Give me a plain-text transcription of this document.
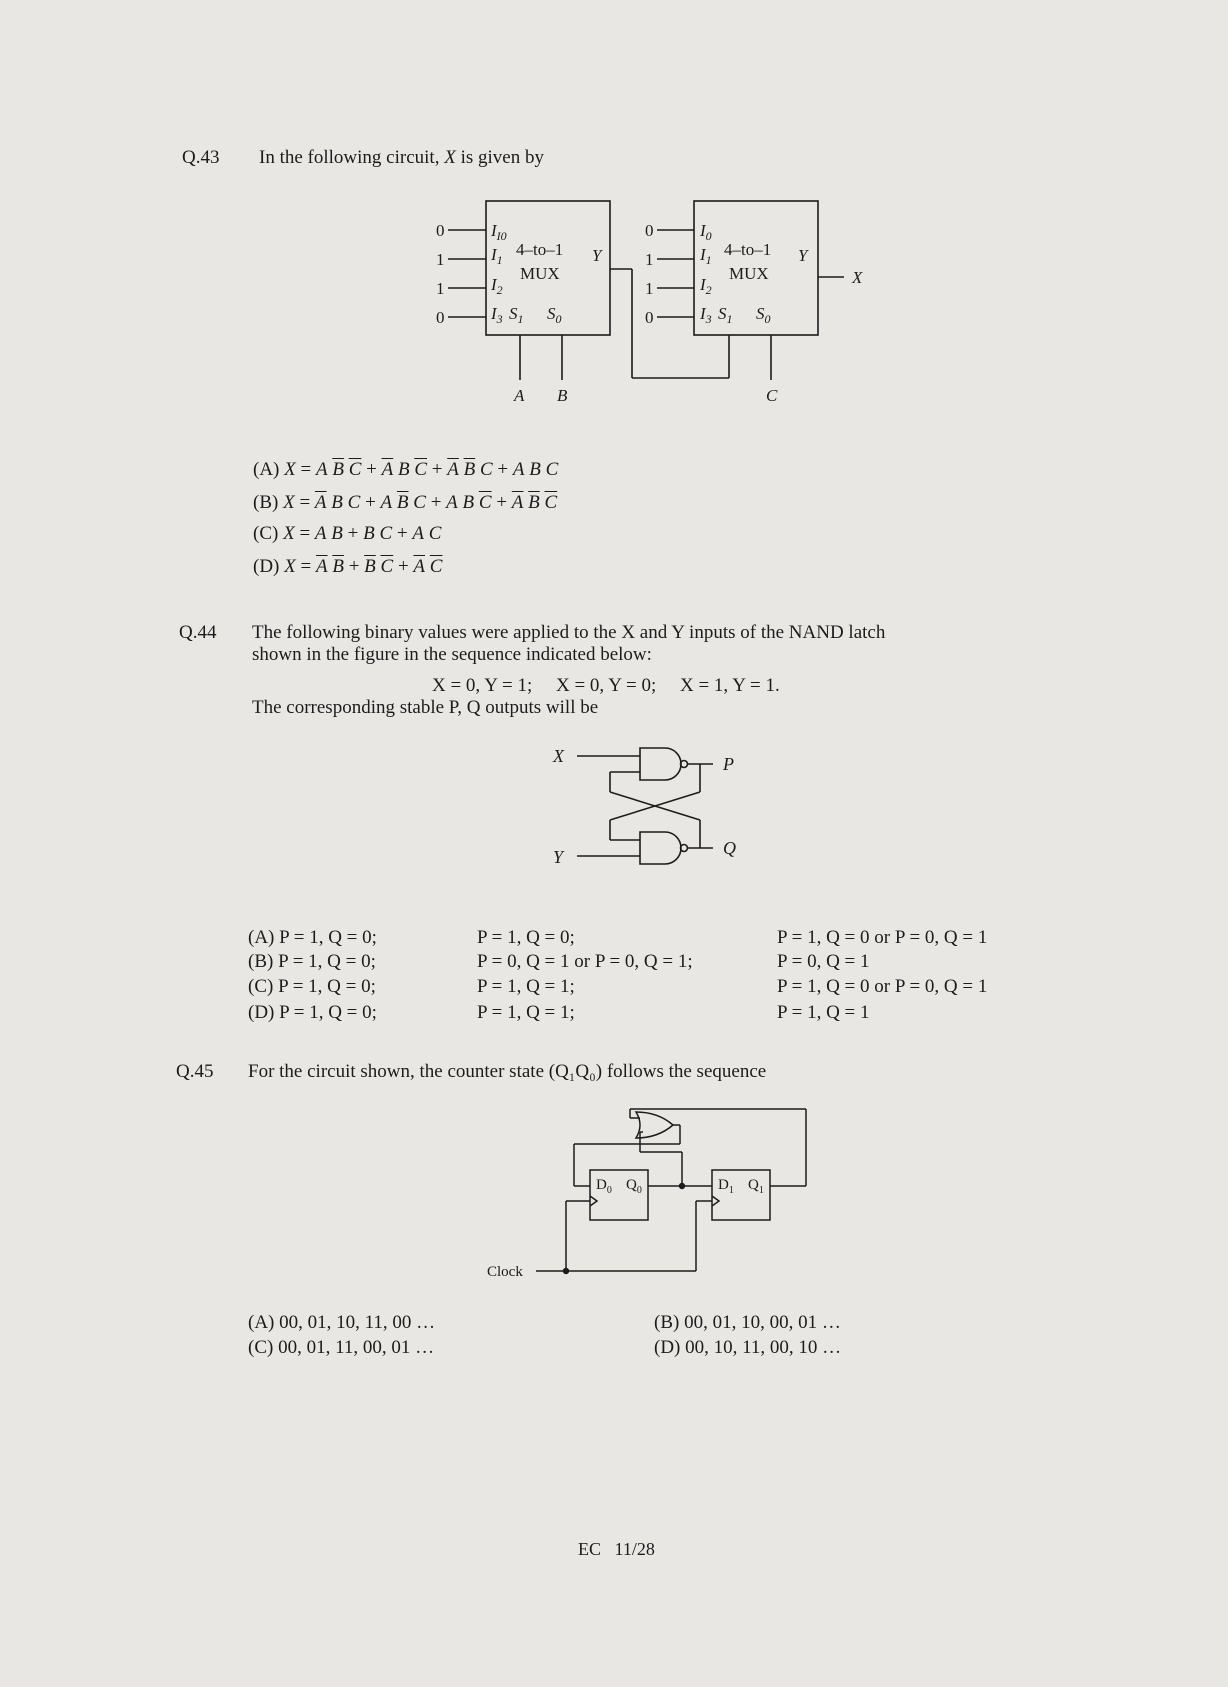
Q.43 In the following circuit, X is given by
0
1
1
0
$I_{I0}$
$I_1$
$I_2$
$I_3$ $S_1$ $S_0$
4–to–1
MUX
Y
A B
0
1
1
0
$I_0$
$I_1$
$I_2$
$I_3$ $S_1$ $S_0$
4–to–1
MUX
Y
C
X
(A) X = A $\overline{B}$ $\overline{C} + \overline{A}$ B $\overline{C} + \overline{A}$ $\overline{B}$ C + A B C
(B) $X = \overline{A}$ B C + A $\overline{B}$ C + A B $\overline{C} + \overline{A}$ $\overline{B}$ $\overline{C}$
(C) X = A B + B C + A C
(D) $X = \overline{A}$ $\overline{B} + \overline{B}$ $\overline{C} + \overline{A}$ $\overline{C}$
Q.44 The following binary values were applied to the X and Y inputs of the NAND latch
shown in the figure in the sequence indicated below:
X = 0, Y = 1;     X = 0, Y = 0;     X = 1, Y = 1.
The corresponding stable P, Q outputs will be
X
Y
P
Q
(A) P = 1, Q = 0;	P = 1, Q = 0;	P = 1, Q = 0 or P = 0, Q = 1
(B) P = 1, Q = 0;	P = 0, Q = 1 or P = 0, Q = 1;	P = 0, Q = 1
(C) P = 1, Q = 0;	P = 1, Q = 1;	P = 1, Q = 0 or P = 0, Q = 1
(D) P = 1, Q = 0;	P = 1, Q = 1;	P = 1, Q = 1
Q.45 For the circuit shown, the counter state (Q₁Q₀) follows the sequence
$D_0$ $Q_0$	$D_1$ $Q_1$
Clock
(A) 00, 01, 10, 11, 00 …	(B) 00, 01, 10, 00, 01 …
(C) 00, 01, 11, 00, 01 …	(D) 00, 10, 11, 00, 10 …
EC   11/28
